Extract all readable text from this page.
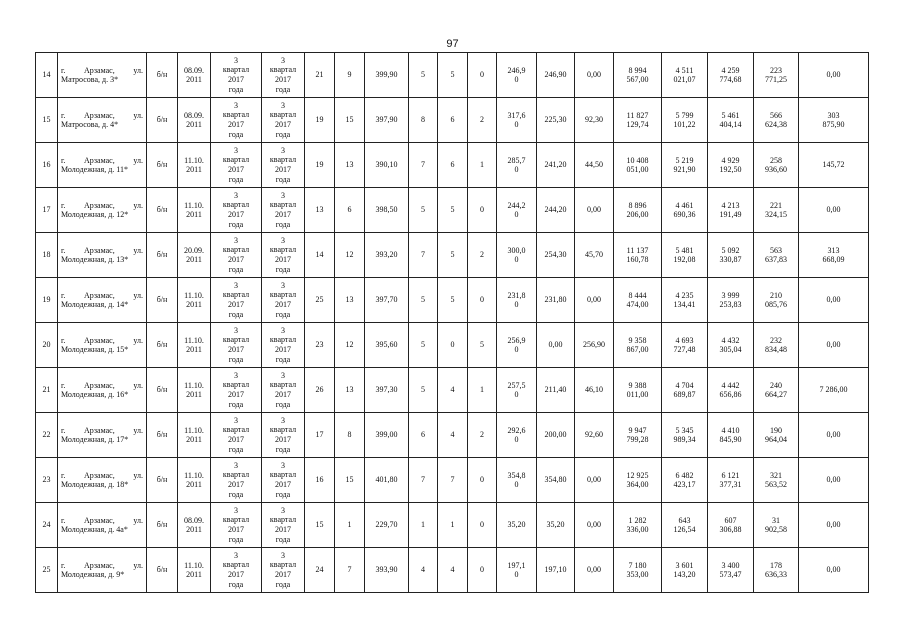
97
14	г. Арзамас, ул. Матросова, д. 3*	б/н	08.09.
2011	3
квартал
2017
года	3
квартал
2017
года	21	9	399,90	5	5	0	246,9
0	246,90	0,00	8 994
567,00	4 511
021,07	4 259
774,68	223
771,25	0,00
15	г. Арзамас, ул. Матросова, д. 4*	б/н	08.09.
2011	3
квартал
2017
года	3
квартал
2017
года	19	15	397,90	8	6	2	317,6
0	225,30	92,30	11 827
129,74	5 799
101,22	5 461
404,14	566
624,38	303
875,90
16	г. Арзамас, ул. Молодежная, д. 11*	б/н	11.10.
2011	3
квартал
2017
года	3
квартал
2017
года	19	13	390,10	7	6	1	285,7
0	241,20	44,50	10 408
051,00	5 219
921,90	4 929
192,50	258
936,60	145,72
17	г. Арзамас, ул. Молодежная, д. 12*	б/н	11.10.
2011	3
квартал
2017
года	3
квартал
2017
года	13	6	398,50	5	5	0	244,2
0	244,20	0,00	8 896
206,00	4 461
690,36	4 213
191,49	221
324,15	0,00
18	г. Арзамас, ул. Молодежная, д. 13*	б/н	20.09.
2011	3
квартал
2017
года	3
квартал
2017
года	14	12	393,20	7	5	2	300,0
0	254,30	45,70	11 137
160,78	5 481
192,08	5 092
330,87	563
637,83	313
668,09
19	г. Арзамас, ул. Молодежная, д. 14*	б/н	11.10.
2011	3
квартал
2017
года	3
квартал
2017
года	25	13	397,70	5	5	0	231,8
0	231,80	0,00	8 444
474,00	4 235
134,41	3 999
253,83	210
085,76	0,00
20	г. Арзамас, ул. Молодежная, д. 15*	б/н	11.10.
2011	3
квартал
2017
года	3
квартал
2017
года	23	12	395,60	5	0	5	256,9
0	0,00	256,90	9 358
867,00	4 693
727,48	4 432
305,04	232
834,48	0,00
21	г. Арзамас, ул. Молодежная, д. 16*	б/н	11.10.
2011	3
квартал
2017
года	3
квартал
2017
года	26	13	397,30	5	4	1	257,5
0	211,40	46,10	9 388
011,00	4 704
689,87	4 442
656,86	240
664,27	7 286,00
22	г. Арзамас, ул. Молодежная, д. 17*	б/н	11.10.
2011	3
квартал
2017
года	3
квартал
2017
года	17	8	399,00	6	4	2	292,6
0	200,00	92,60	9 947
799,28	5 345
989,34	4 410
845,90	190
964,04	0,00
23	г. Арзамас, ул. Молодежная, д. 18*	б/н	11.10.
2011	3
квартал
2017
года	3
квартал
2017
года	16	15	401,80	7	7	0	354,8
0	354,80	0,00	12 925
364,00	6 482
423,17	6 121
377,31	321
563,52	0,00
24	г. Арзамас, ул. Молодежная, д. 4а*	б/н	08.09.
2011	3
квартал
2017
года	3
квартал
2017
года	15	1	229,70	1	1	0	35,20	35,20	0,00	1 282
336,00	643
126,54	607
306,88	31
902,58	0,00
25	г. Арзамас, ул. Молодежная, д. 9*	б/н	11.10.
2011	3
квартал
2017
года	3
квартал
2017
года	24	7	393,90	4	4	0	197,1
0	197,10	0,00	7 180
353,00	3 601
143,20	3 400
573,47	178
636,33	0,00
